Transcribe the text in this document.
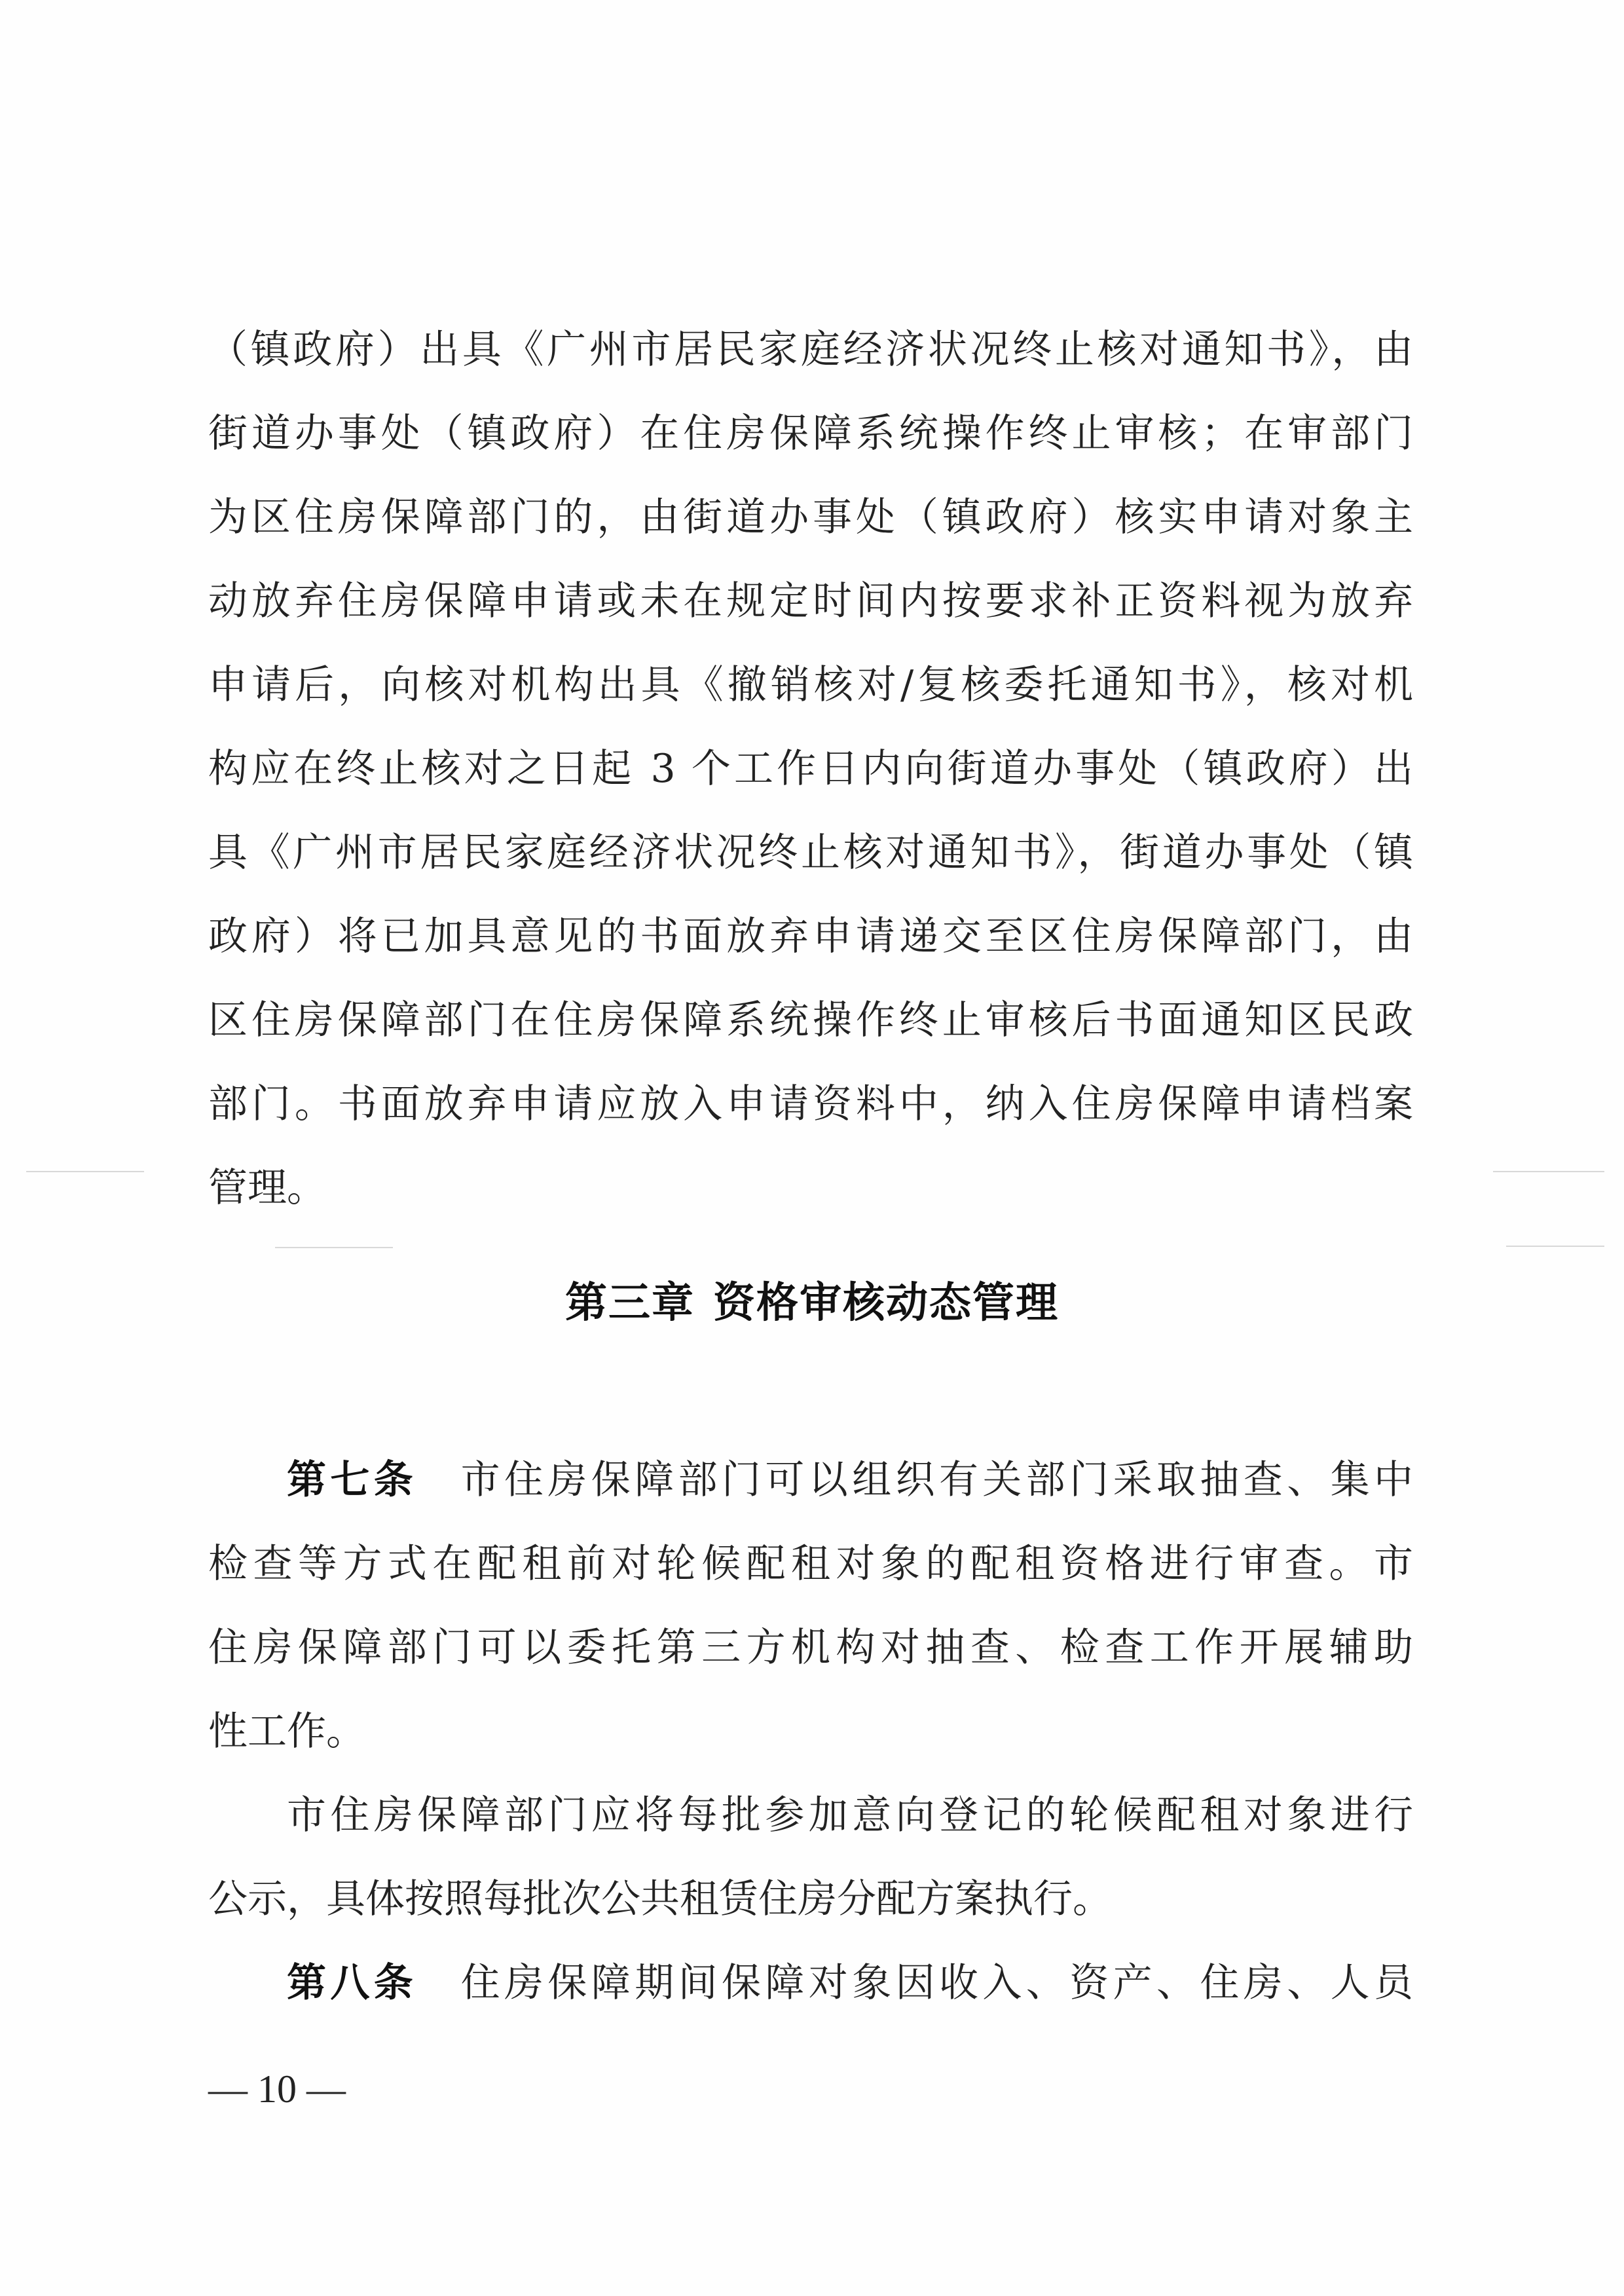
（镇政府）出具《广州市居民家庭经济状况终止核对通知书》，由
街道办事处（镇政府）在住房保障系统操作终止审核；在审部门
为区住房保障部门的，由街道办事处（镇政府）核实申请对象主
动放弃住房保障申请或未在规定时间内按要求补正资料视为放弃
申请后，向核对机构出具《撤销核对/复核委托通知书》，核对机
构应在终止核对之日起 3 个工作日内向街道办事处（镇政府）出
具《广州市居民家庭经济状况终止核对通知书》，街道办事处（镇
政府）将已加具意见的书面放弃申请递交至区住房保障部门，由
区住房保障部门在住房保障系统操作终止审核后书面通知区民政
部门。书面放弃申请应放入申请资料中，纳入住房保障申请档案
管理。
第三章 资格审核动态管理
第七条 市住房保障部门可以组织有关部门采取抽查、集中
检查等方式在配租前对轮候配租对象的配租资格进行审查。市
住房保障部门可以委托第三方机构对抽查、检查工作开展辅助
性工作。
市住房保障部门应将每批参加意向登记的轮候配租对象进行
公示，具体按照每批次公共租赁住房分配方案执行。
第八条 住房保障期间保障对象因收入、资产、住房、人员
— 10 —
